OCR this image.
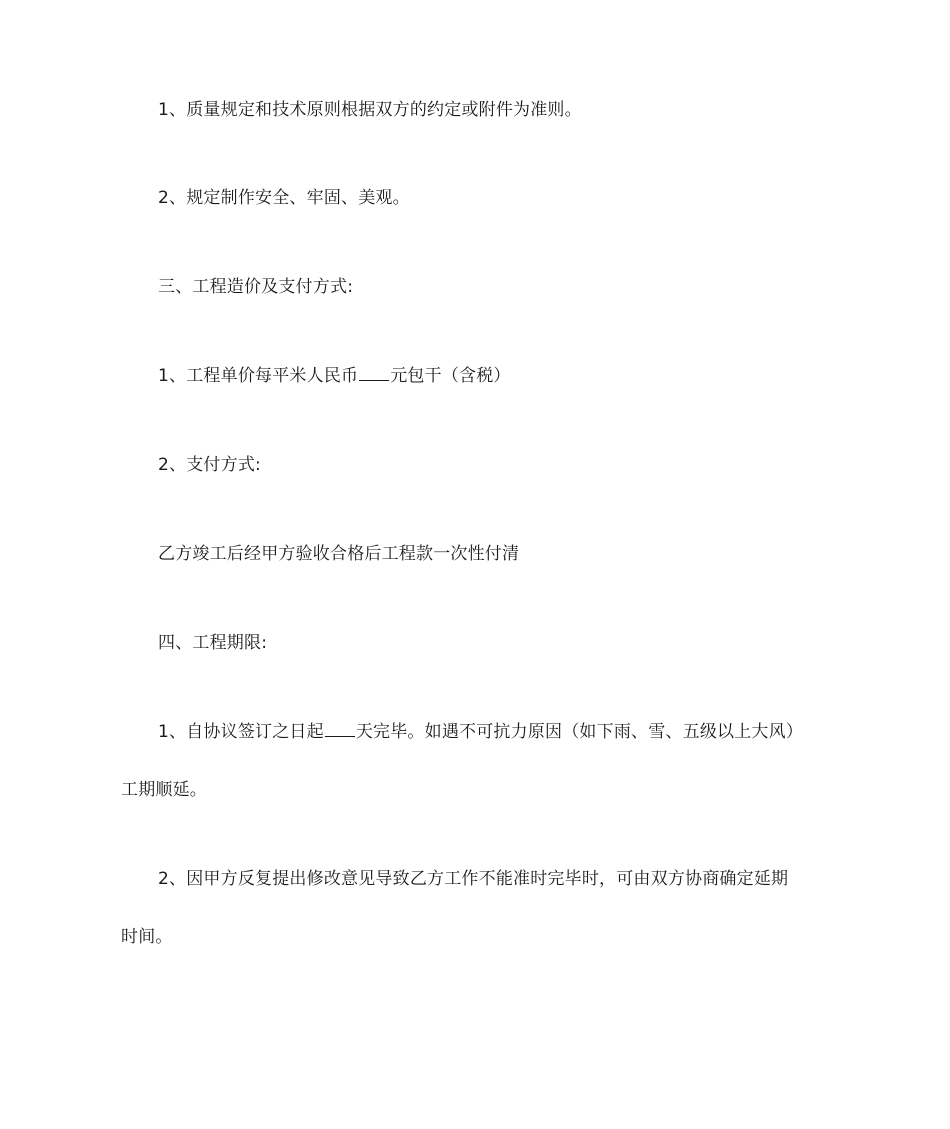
1、质量规定和技术原则根据双方的约定或附件为准则。
2、规定制作安全、牢固、美观。
三、工程造价及支付方式:
1、工程单价每平米人民币 元包干（含税）
2、支付方式:
乙方竣工后经甲方验收合格后工程款一次性付清
四、工程期限:
1、自协议签订之日起 天完毕。如遇不可抗力原因（如下雨、雪、五级以上大风）
工期顺延。
2、因甲方反复提出修改意见导致乙方工作不能准时完毕时，可由双方协商确定延期
时间。
